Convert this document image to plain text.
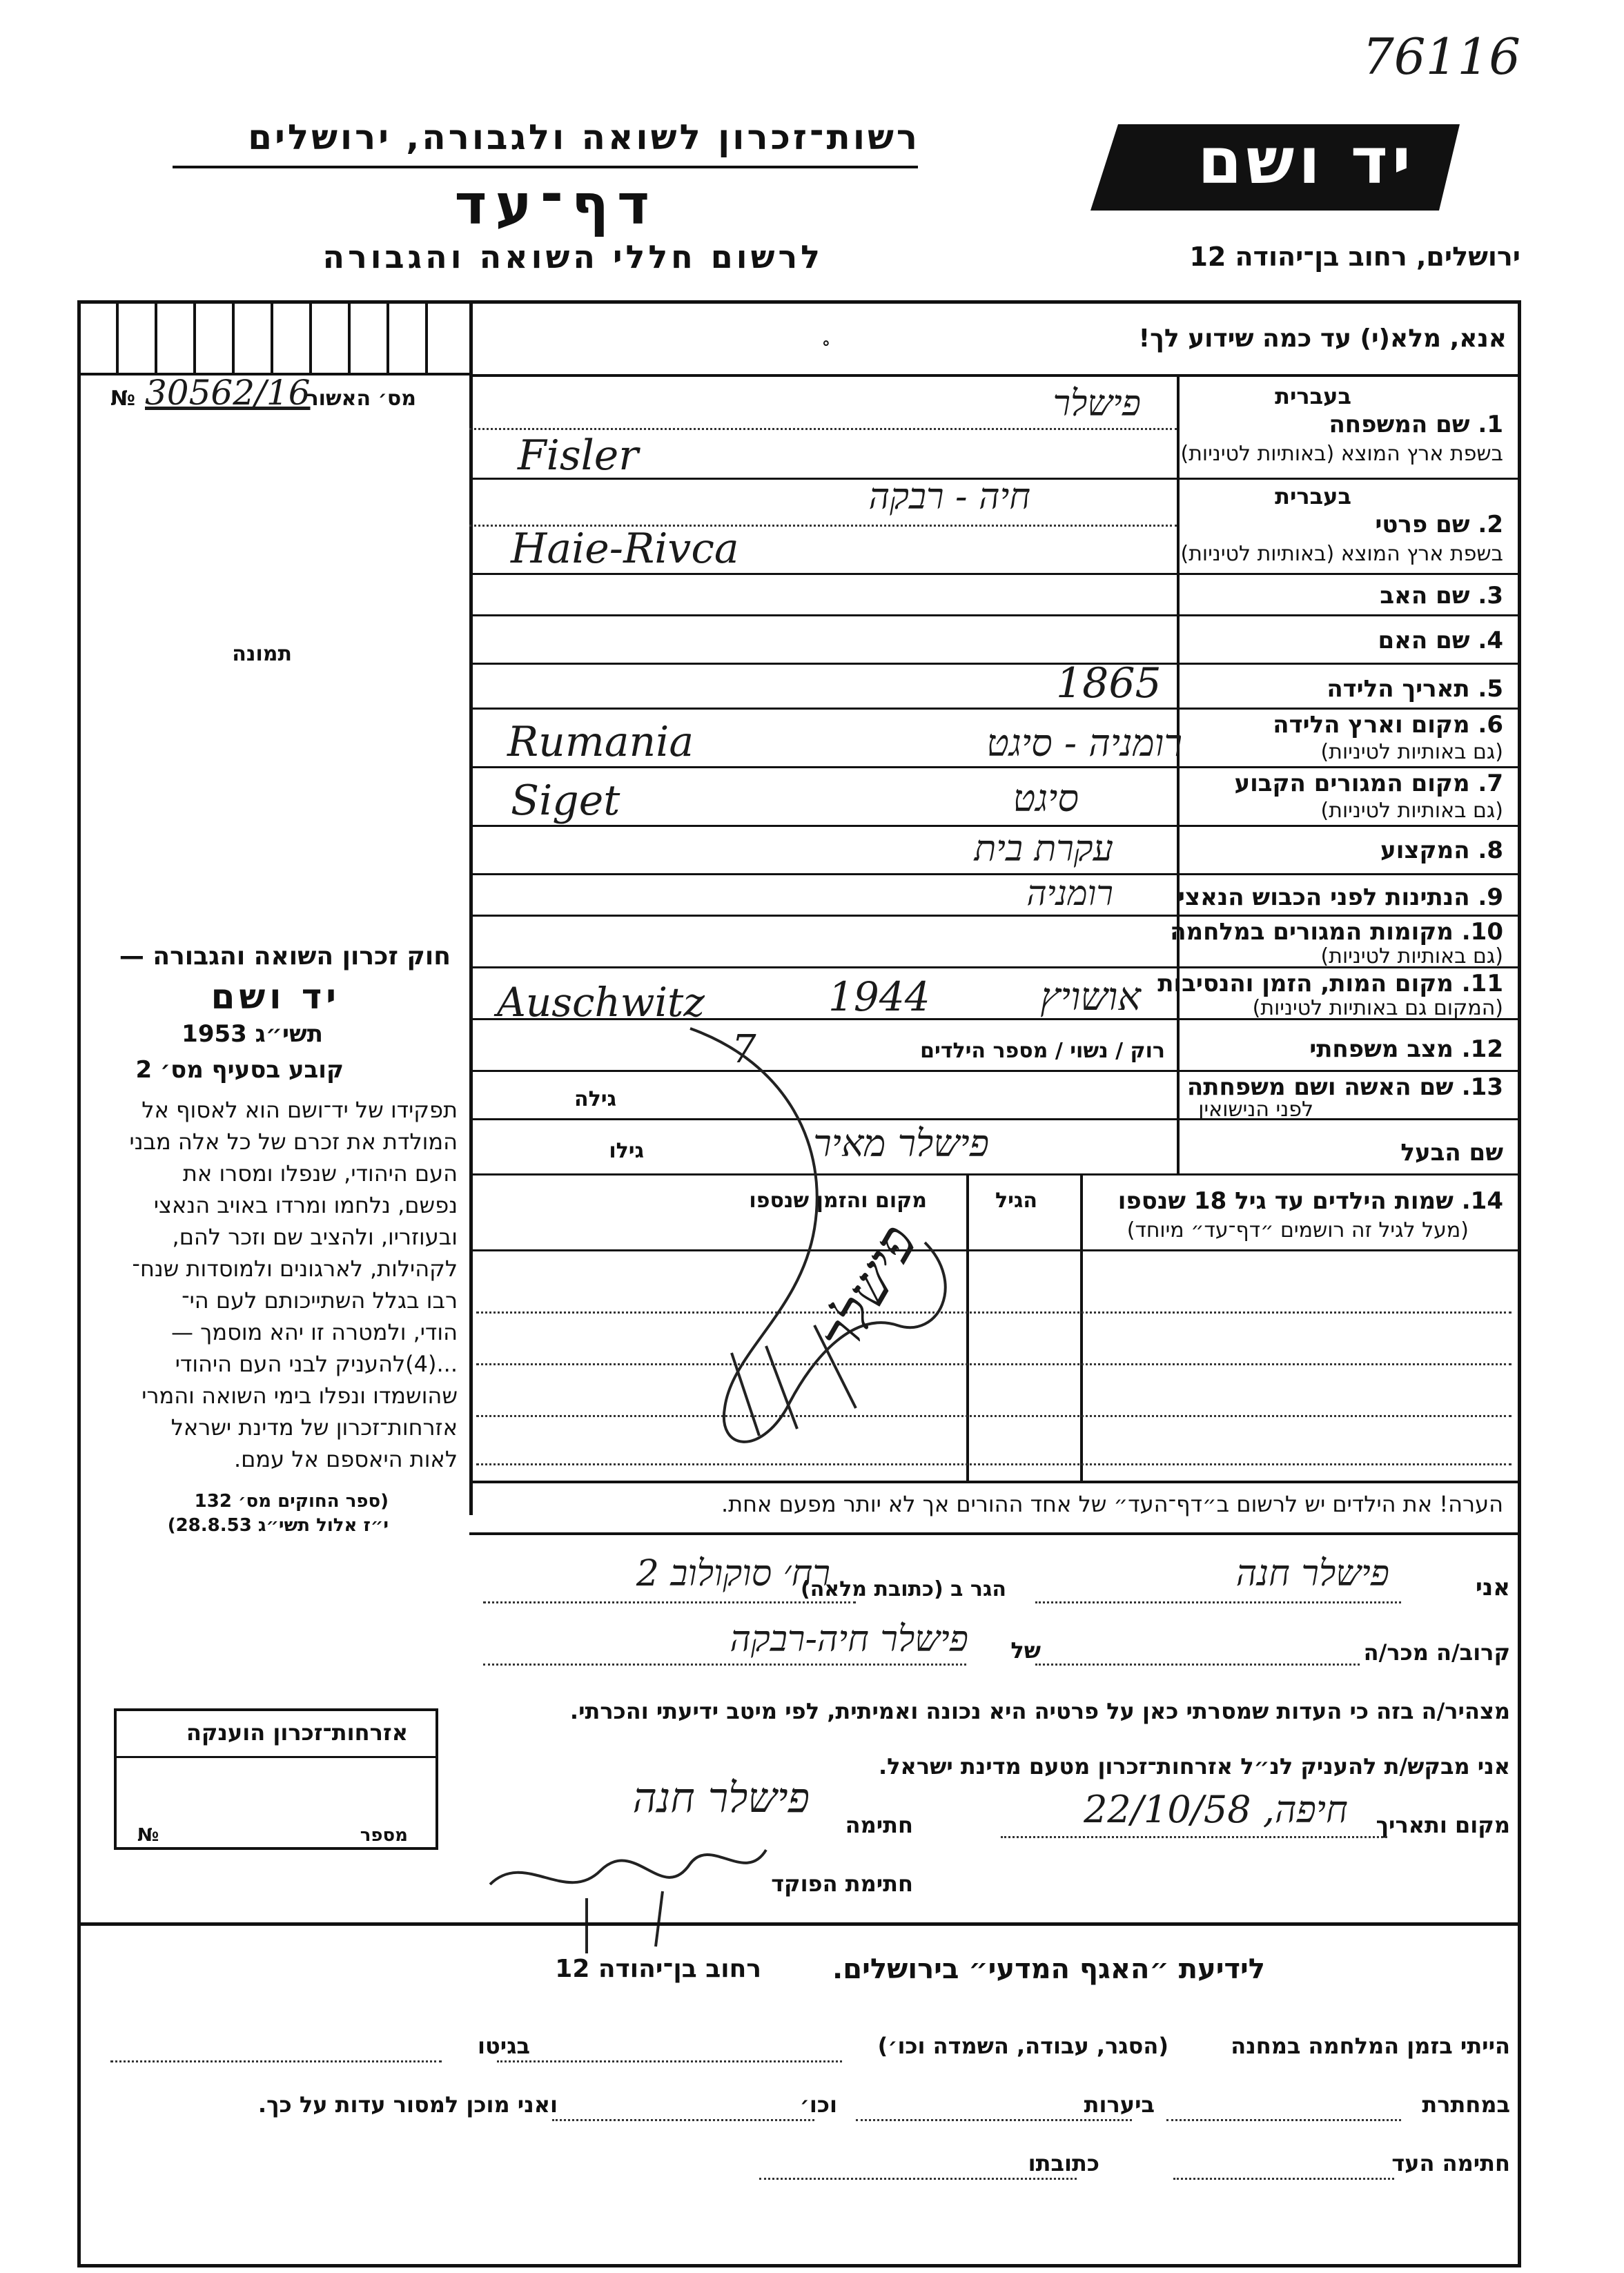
76116
רשות־זכרון לשואה ולגבורה, ירושלים
דף־עד
לרשום חללי השואה והגבורה
יד ושם
ירושלים, רחוב בן־יהודה 12
אנא, מלא(י) עד כמה שידוע לך!
∘
מס׳ האשור
№ 30562/16
תמונה
חוק זכרון השואה והגבורה —
יד ושם
תשי״ג 1953
קובע בסעיף מס׳ 2
תפקידו של יד־ושם הוא לאסוף אל
המולדת את זכרם של כל אלה מבני
העם היהודי, שנפלו ומסרו את
נפשם, נלחמו ומרדו באויב הנאצי
ובעוזריו, ולהציב שם וזכר להם,
לקהילות, לארגונים ולמוסדות שנח־
רבו בגלל השתייכותם לעם הי־
הודי, ולמטרה זו יהא מוסמך —
...(4)להעניק לבני העם היהודי
שהושמדו ונפלו בימי השואה והמרי
אזרחות־זכרון של מדינת ישראל
לאות היאספם אל עמם.
(ספר החוקים מס׳ 132
י״ז אלול תשי״ג 28.8.53)
בעברית
1. שם המשפחה
בשפת ארץ המוצא (באותיות לטיניות)
פישלר
Fisler
בעברית
2. שם פרטי
בשפת ארץ המוצא (באותיות לטיניות)
חיה - רבקה
Haie-Rivca
3. שם האב
4. שם האם
5. תאריך הלידה
1865
6. מקום וארץ הלידה
(גם באותיות לטיניות)
רומניה - סיגט
Rumania
7. מקום המגורים הקבוע
(גם באותיות לטיניות)
סיגט
Siget
8. המקצוע
עקרת בית
9. הנתינות לפני הכבוש הנאצי
רומניה
10. מקומות המגורים במלחמה
(גם באותיות לטיניות)
11. מקום המות, הזמן והנסיבות
(המקום גם באותיות לטיניות)
Auschwitz	1944	אושויץ
12. מצב משפחתי
רוק / נשוי / מספר הילדים
7
13. שם האשה ושם משפחתה
לפני הנישואין
גילה
שם הבעל
גילו	פישלר מאיר
14. שמות הילדים עד גיל 18 שנספו
(מעל לגיל זה רושמים ״דף־עד״ מיוחד)
הגיל
מקום והזמן שנספו
פישלר
הערה! את הילדים יש לרשום ב״דף־העד״ של אחד ההורים אך לא יותר מפעם אחת.
אני
פישלר חנה
הגר ב (כתובת מלאה)
רח׳ סוקולוב 2
קרוב/ה מכר/ה
של
פישלר חיה-רבקה
מצהיר/ה בזה כי העדות שמסרתי כאן על פרטיה היא נכונה ואמיתית, לפי מיטב ידיעתי והכרתי.
אני מבקש/ת להעניק לנ״ל אזרחות־זכרון מטעם מדינת ישראל.
מקום ותאריך
חיפה, 22/10/58
חתימה
פישלר חנה
חתימת הפוקד
אזרחות־זכרון הוענקה
№	מספר
לידיעת ״האגף המדעי״ בירושלים.
רחוב בן־יהודה 12
הייתי בזמן המלחמה במחנה
(הסגר, עבודה, השמדה וכו׳)
בגיטו
במחתרת
ביערות
וכו׳
ואני מוכן למסור עדות על כך.
חתימה העד
כתובתו
